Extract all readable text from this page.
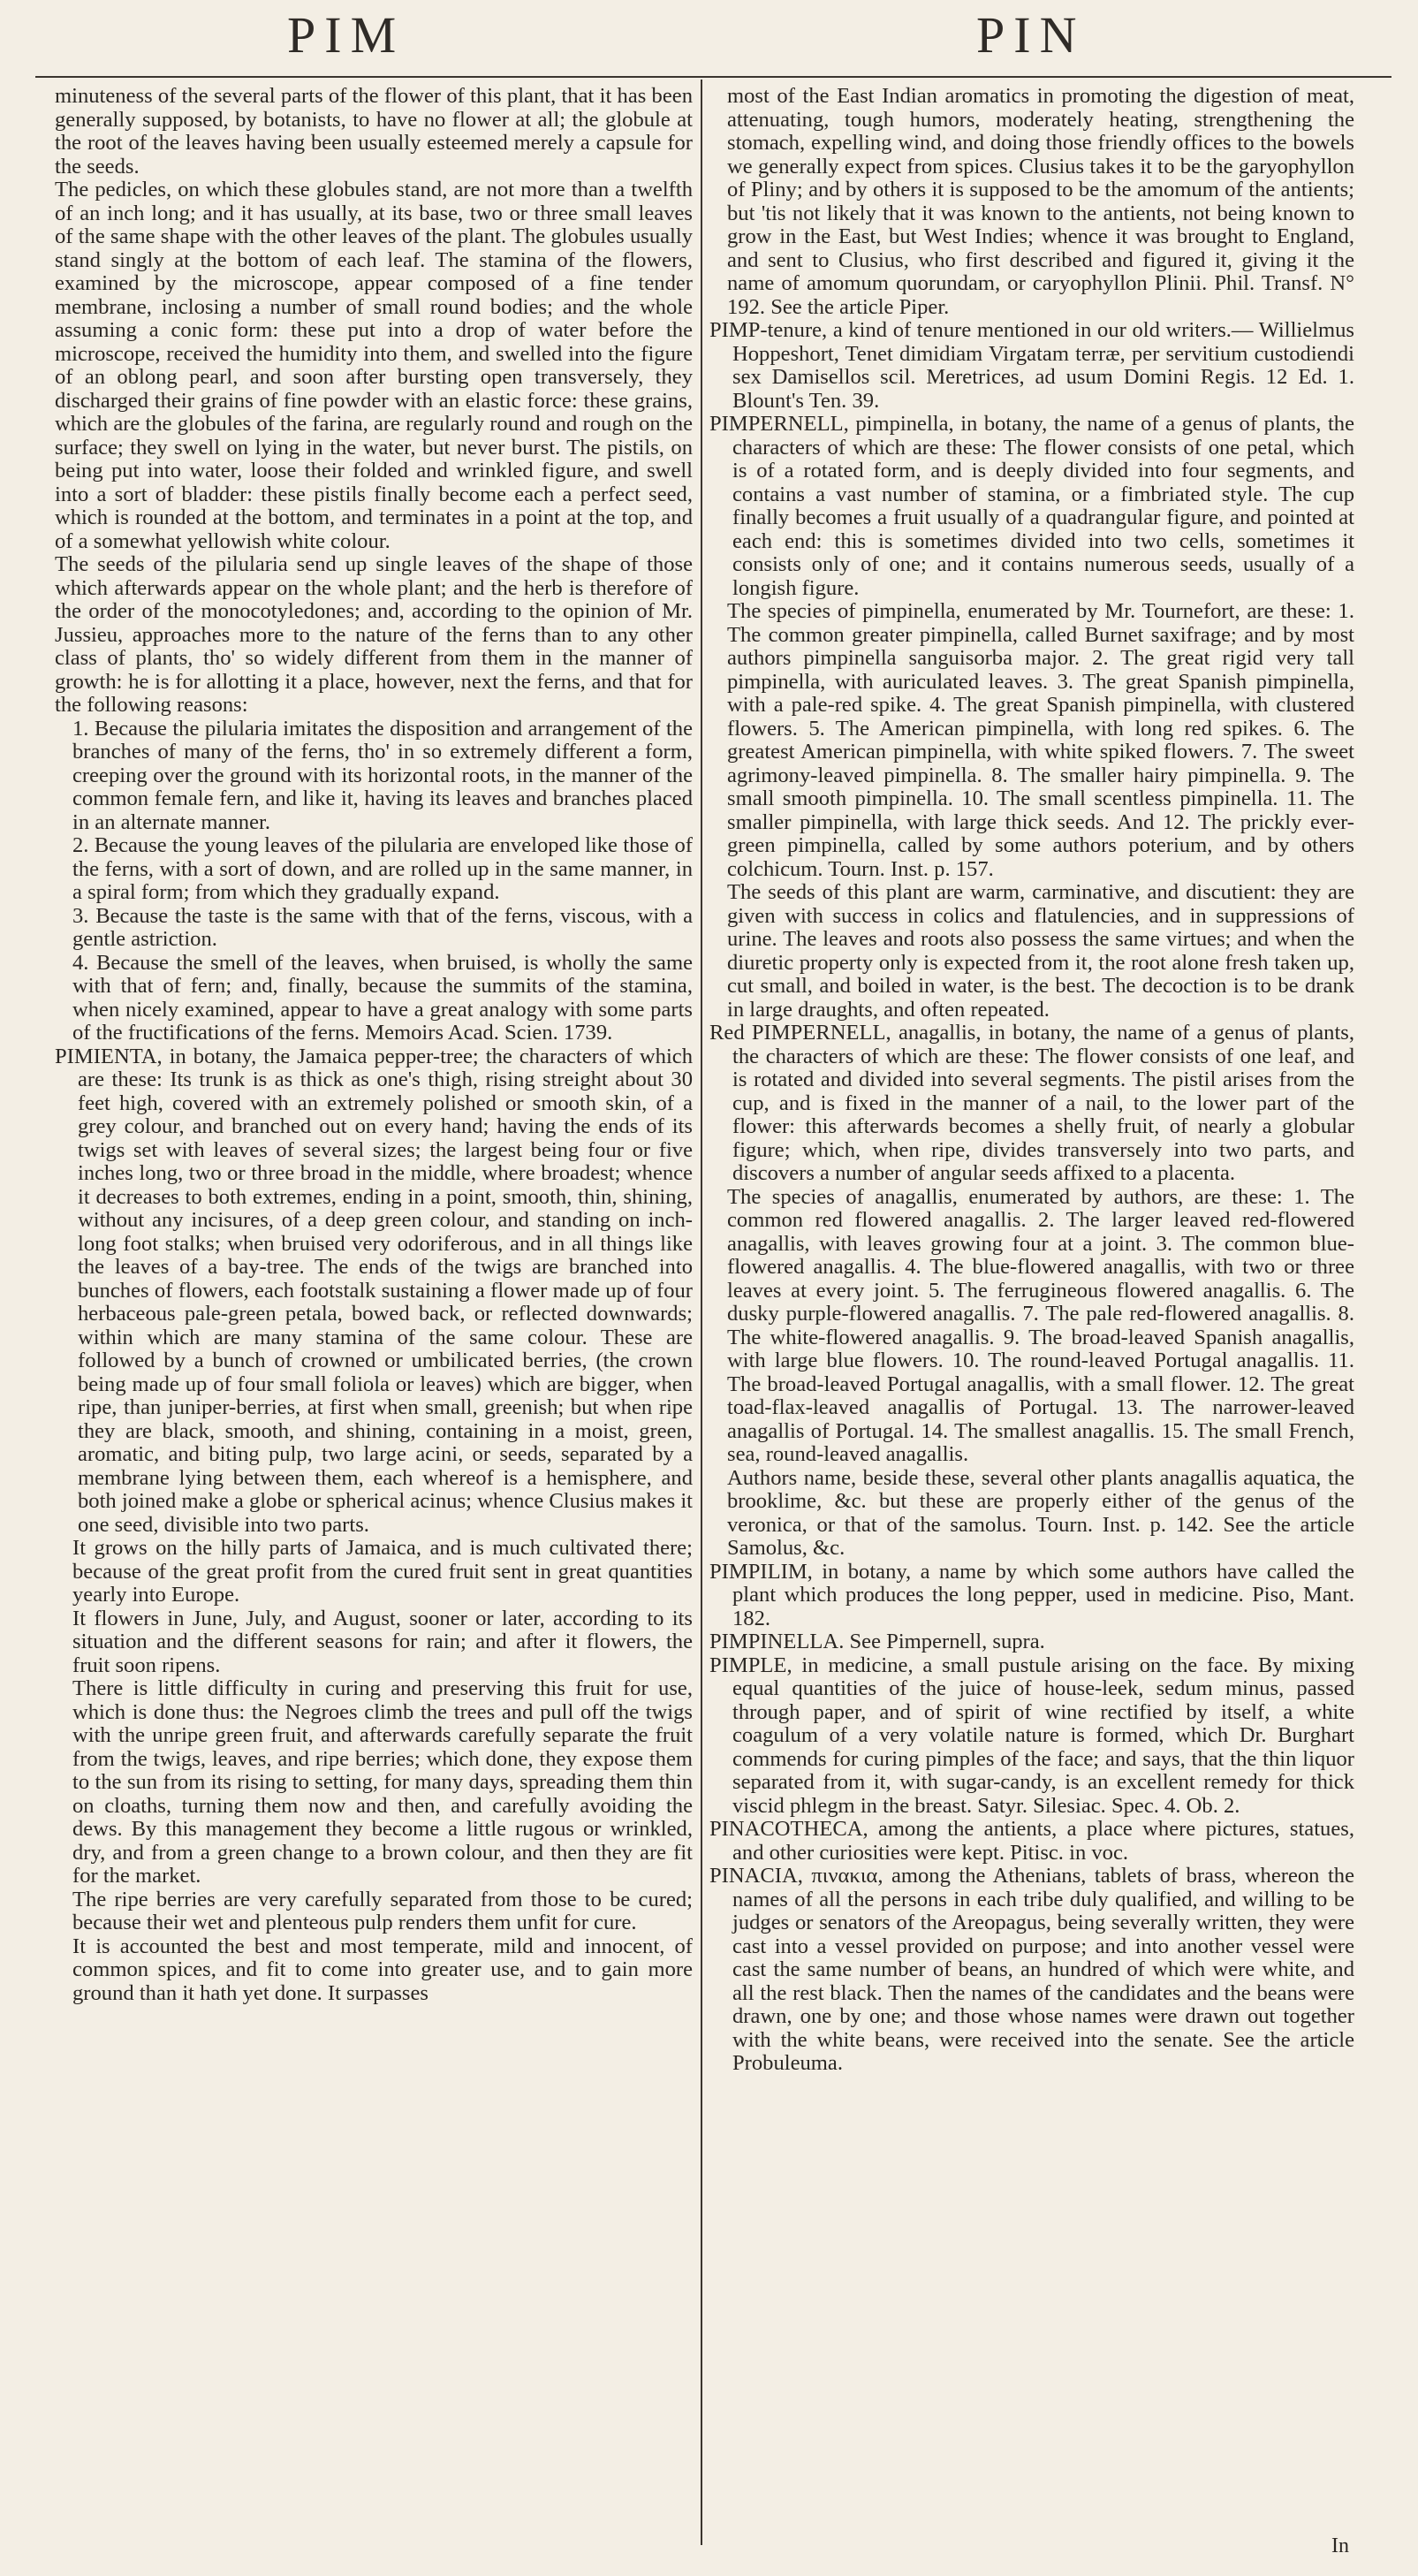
PIM	PIN

minuteness of the several parts of the flower of this plant, that it has been generally supposed, by botanists, to have no flower at all; the globule at the root of the leaves having been usually esteemed merely a capsule for the seeds.

The pedicles, on which these globules stand, are not more than a twelfth of an inch long; and it has usually, at its base, two or three small leaves of the same shape with the other leaves of the plant. The globules usually stand singly at the bottom of each leaf. The stamina of the flowers, examined by the microscope, appear composed of a fine tender membrane, inclosing a number of small round bodies; and the whole assuming a conic form: these put into a drop of water before the microscope, received the humidity into them, and swelled into the figure of an oblong pearl, and soon after bursting open transversely, they discharged their grains of fine powder with an elastic force: these grains, which are the globules of the farina, are regularly round and rough on the surface; they swell on lying in the water, but never burst. The pistils, on being put into water, loose their folded and wrinkled figure, and swell into a sort of bladder: these pistils finally become each a perfect seed, which is rounded at the bottom, and terminates in a point at the top, and of a somewhat yellowish white colour.

The seeds of the pilularia send up single leaves of the shape of those which afterwards appear on the whole plant; and the herb is therefore of the order of the monocotyledones; and, according to the opinion of Mr. Jussieu, approaches more to the nature of the ferns than to any other class of plants, tho' so widely different from them in the manner of growth: he is for allotting it a place, however, next the ferns, and that for the following reasons:

1. Because the pilularia imitates the disposition and arrangement of the branches of many of the ferns, tho' in so extremely different a form, creeping over the ground with its horizontal roots, in the manner of the common female fern, and like it, having its leaves and branches placed in an alternate manner.

2. Because the young leaves of the pilularia are enveloped like those of the ferns, with a sort of down, and are rolled up in the same manner, in a spiral form; from which they gradually expand.

3. Because the taste is the same with that of the ferns, viscous, with a gentle astriction.

4. Because the smell of the leaves, when bruised, is wholly the same with that of fern; and, finally, because the summits of the stamina, when nicely examined, appear to have a great analogy with some parts of the fructifications of the ferns. Memoirs Acad. Scien. 1739.

PIMIENTA, in botany, the Jamaica pepper-tree; the characters of which are these: Its trunk is as thick as one's thigh, rising streight about 30 feet high, covered with an extremely polished or smooth skin, of a grey colour, and branched out on every hand; having the ends of its twigs set with leaves of several sizes; the largest being four or five inches long, two or three broad in the middle, where broadest; whence it decreases to both extremes, ending in a point, smooth, thin, shining, without any incisures, of a deep green colour, and standing on inch-long foot stalks; when bruised very odoriferous, and in all things like the leaves of a bay-tree. The ends of the twigs are branched into bunches of flowers, each footstalk sustaining a flower made up of four herbaceous pale-green petala, bowed back, or reflected downwards; within which are many stamina of the same colour. These are followed by a bunch of crowned or umbilicated berries, (the crown being made up of four small foliola or leaves) which are bigger, when ripe, than juniper-berries, at first when small, greenish; but when ripe they are black, smooth, and shining, containing in a moist, green, aromatic, and biting pulp, two large acini, or seeds, separated by a membrane lying between them, each whereof is a hemisphere, and both joined make a globe or spherical acinus; whence Clusius makes it one seed, divisible into two parts.

It grows on the hilly parts of Jamaica, and is much cultivated there; because of the great profit from the cured fruit sent in great quantities yearly into Europe.

It flowers in June, July, and August, sooner or later, according to its situation and the different seasons for rain; and after it flowers, the fruit soon ripens.

There is little difficulty in curing and preserving this fruit for use, which is done thus: the Negroes climb the trees and pull off the twigs with the unripe green fruit, and afterwards carefully separate the fruit from the twigs, leaves, and ripe berries; which done, they expose them to the sun from its rising to setting, for many days, spreading them thin on cloaths, turning them now and then, and carefully avoiding the dews. By this management they become a little rugous or wrinkled, dry, and from a green change to a brown colour, and then they are fit for the market.

The ripe berries are very carefully separated from those to be cured; because their wet and plenteous pulp renders them unfit for cure.

It is accounted the best and most temperate, mild and innocent, of common spices, and fit to come into greater use, and to gain more ground than it hath yet done. It surpasses

most of the East Indian aromatics in promoting the digestion of meat, attenuating, tough humors, moderately heating, strengthening the stomach, expelling wind, and doing those friendly offices to the bowels we generally expect from spices. Clusius takes it to be the garyophyllon of Pliny; and by others it is supposed to be the amomum of the antients; but 'tis not likely that it was known to the antients, not being known to grow in the East, but West Indies; whence it was brought to England, and sent to Clusius, who first described and figured it, giving it the name of amomum quorundam, or caryophyllon Plinii. Phil. Transf. N° 192. See the article Piper.

PIMP-tenure, a kind of tenure mentioned in our old writers.— Willielmus Hoppeshort, Tenet dimidiam Virgatam terræ, per servitium custodiendi sex Damisellos scil. Meretrices, ad usum Domini Regis. 12 Ed. 1. Blount's Ten. 39.

PIMPERNELL, pimpinella, in botany, the name of a genus of plants, the characters of which are these: The flower consists of one petal, which is of a rotated form, and is deeply divided into four segments, and contains a vast number of stamina, or a fimbriated style. The cup finally becomes a fruit usually of a quadrangular figure, and pointed at each end: this is sometimes divided into two cells, sometimes it consists only of one; and it contains numerous seeds, usually of a longish figure.

The species of pimpinella, enumerated by Mr. Tournefort, are these: 1. The common greater pimpinella, called Burnet saxifrage; and by most authors pimpinella sanguisorba major. 2. The great rigid very tall pimpinella, with auriculated leaves. 3. The great Spanish pimpinella, with a pale-red spike. 4. The great Spanish pimpinella, with clustered flowers. 5. The American pimpinella, with long red spikes. 6. The greatest American pimpinella, with white spiked flowers. 7. The sweet agrimony-leaved pimpinella. 8. The smaller hairy pimpinella. 9. The small smooth pimpinella. 10. The small scentless pimpinella. 11. The smaller pimpinella, with large thick seeds. And 12. The prickly ever-green pimpinella, called by some authors poterium, and by others colchicum. Tourn. Inst. p. 157.

The seeds of this plant are warm, carminative, and discutient: they are given with success in colics and flatulencies, and in suppressions of urine. The leaves and roots also possess the same virtues; and when the diuretic property only is expected from it, the root alone fresh taken up, cut small, and boiled in water, is the best. The decoction is to be drank in large draughts, and often repeated.

Red PIMPERNELL, anagallis, in botany, the name of a genus of plants, the characters of which are these: The flower consists of one leaf, and is rotated and divided into several segments. The pistil arises from the cup, and is fixed in the manner of a nail, to the lower part of the flower: this afterwards becomes a shelly fruit, of nearly a globular figure; which, when ripe, divides transversely into two parts, and discovers a number of angular seeds affixed to a placenta.

The species of anagallis, enumerated by authors, are these: 1. The common red flowered anagallis. 2. The larger leaved red-flowered anagallis, with leaves growing four at a joint. 3. The common blue-flowered anagallis. 4. The blue-flowered anagallis, with two or three leaves at every joint. 5. The ferrugineous flowered anagallis. 6. The dusky purple-flowered anagallis. 7. The pale red-flowered anagallis. 8. The white-flowered anagallis. 9. The broad-leaved Spanish anagallis, with large blue flowers. 10. The round-leaved Portugal anagallis. 11. The broad-leaved Portugal anagallis, with a small flower. 12. The great toad-flax-leaved anagallis of Portugal. 13. The narrower-leaved anagallis of Portugal. 14. The smallest anagallis. 15. The small French, sea, round-leaved anagallis.

Authors name, beside these, several other plants anagallis aquatica, the brooklime, &c. but these are properly either of the genus of the veronica, or that of the samolus. Tourn. Inst. p. 142. See the article Samolus, &c.

PIMPILIM, in botany, a name by which some authors have called the plant which produces the long pepper, used in medicine. Piso, Mant. 182.

PIMPINELLA. See Pimpernell, supra.

PIMPLE, in medicine, a small pustule arising on the face. By mixing equal quantities of the juice of house-leek, sedum minus, passed through paper, and of spirit of wine rectified by itself, a white coagulum of a very volatile nature is formed, which Dr. Burghart commends for curing pimples of the face; and says, that the thin liquor separated from it, with sugar-candy, is an excellent remedy for thick viscid phlegm in the breast. Satyr. Silesiac. Spec. 4. Ob. 2.

PINACOTHECA, among the antients, a place where pictures, statues, and other curiosities were kept. Pitisc. in voc.

PINACIA, πινακια, among the Athenians, tablets of brass, whereon the names of all the persons in each tribe duly qualified, and willing to be judges or senators of the Areopagus, being severally written, they were cast into a vessel provided on purpose; and into another vessel were cast the same number of beans, an hundred of which were white, and all the rest black. Then the names of the candidates and the beans were drawn, one by one; and those whose names were drawn out together with the white beans, were received into the senate. See the article Probuleuma.

In
